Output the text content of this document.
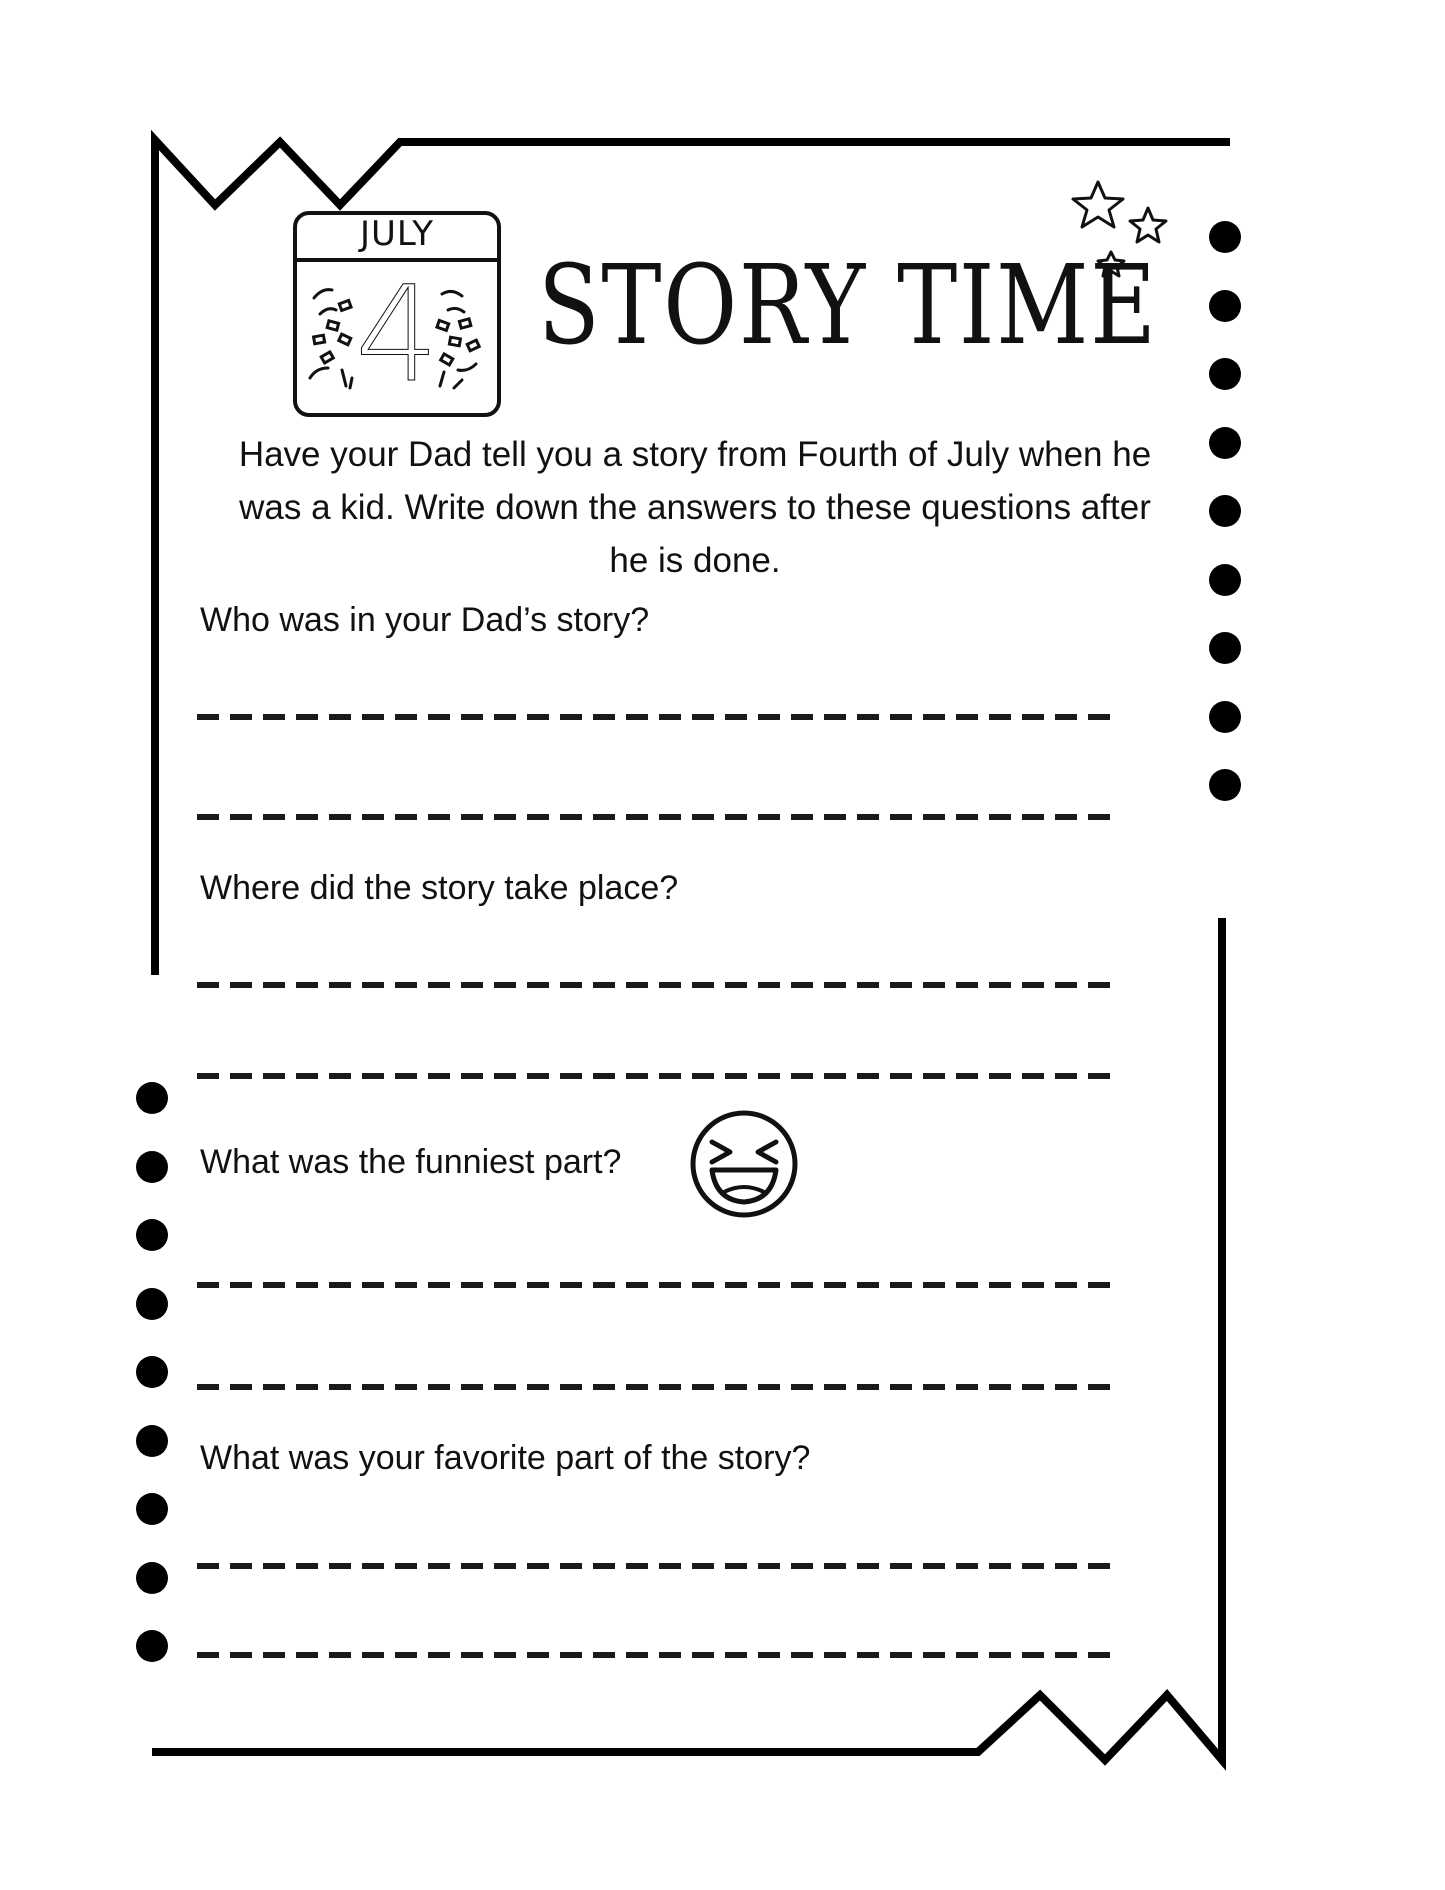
JULY
4 STORY TIME
Have your Dad tell you a story from Fourth of July when he was a kid. Write down the answers to these questions after he is done.
Who was in your Dad’s story?
Where did the story take place?
What was the funniest part?
What was your favorite part of the story?
